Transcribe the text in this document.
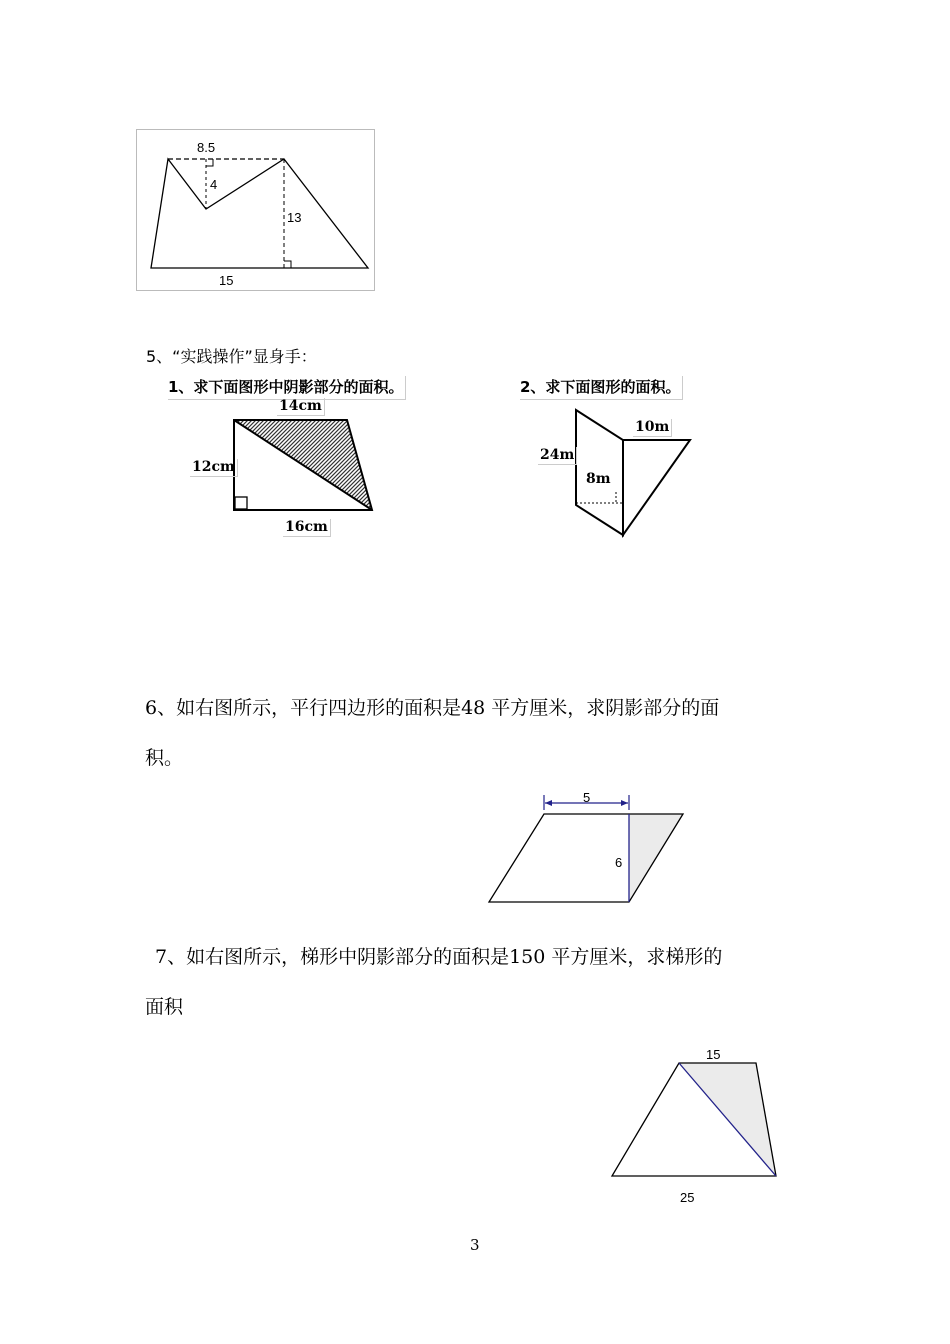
8.5
4
13
15
5、“实践操作”显身手：
1、求下面图形中阴影部分的面积。	2、求下面图形的面积。
14cm
12cm
16cm
24m
10m
8m
6、如右图所示，平行四边形的面积是48 平方厘米，求阴影部分的面
积。
5
6
7、如右图所示，梯形中阴影部分的面积是150 平方厘米，求梯形的
面积
15
25
3
